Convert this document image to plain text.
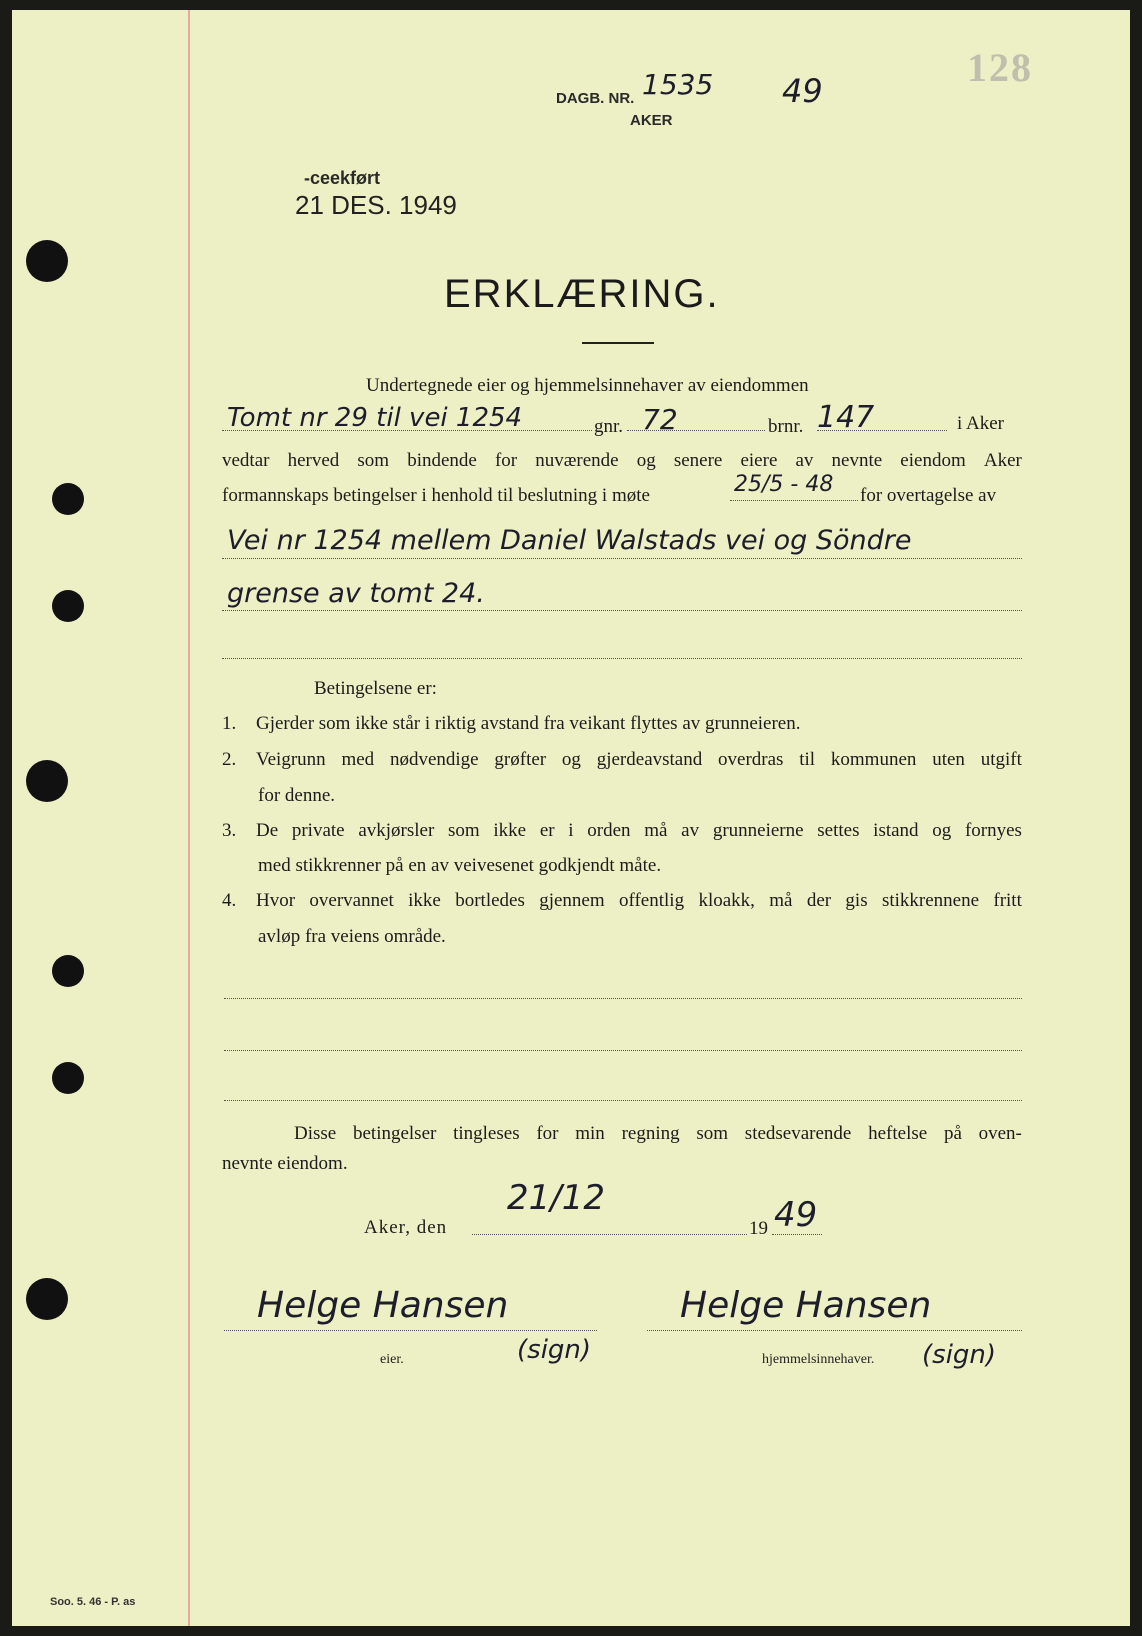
DAGB. NR. 1535 49
AKER
128
-ceekført
21 DES. 1949
ERKLÆRING.
Undertegnede eier og hjemmelsinnehaver av eiendommen
Tomt nr 29 til vei 1254	gnr. 72	brnr. 147	i Aker
vedtar herved som bindende for nuværende og senere eiere av nevnte eiendom Aker
formannskaps betingelser i henhold til beslutning i møte	25/5 - 48 for overtagelse av
Vei nr 1254 mellem Daniel Walstads vei og Söndre
grense av tomt 24.
Betingelsene er:
1. Gjerder som ikke står i riktig avstand fra veikant flyttes av grunneieren.
2. Veigrunn med nødvendige grøfter og gjerdeavstand overdras til kommunen uten utgift
for denne.
3. De private avkjørsler som ikke er i orden må av grunneierne settes istand og fornyes
med stikkrenner på en av veivesenet godkjendt måte.
4. Hvor overvannet ikke bortledes gjennem offentlig kloakk, må der gis stikkrennene fritt
avløp fra veiens område.
Disse betingelser tingleses for min regning som stedsevarende heftelse på oven-
nevnte eiendom.
Aker, den
21/12
19 49
Helge Hansen
eier.	(sign)
Helge Hansen
hjemmelsinnehaver. (sign)
Soo. 5. 46 - P. as
